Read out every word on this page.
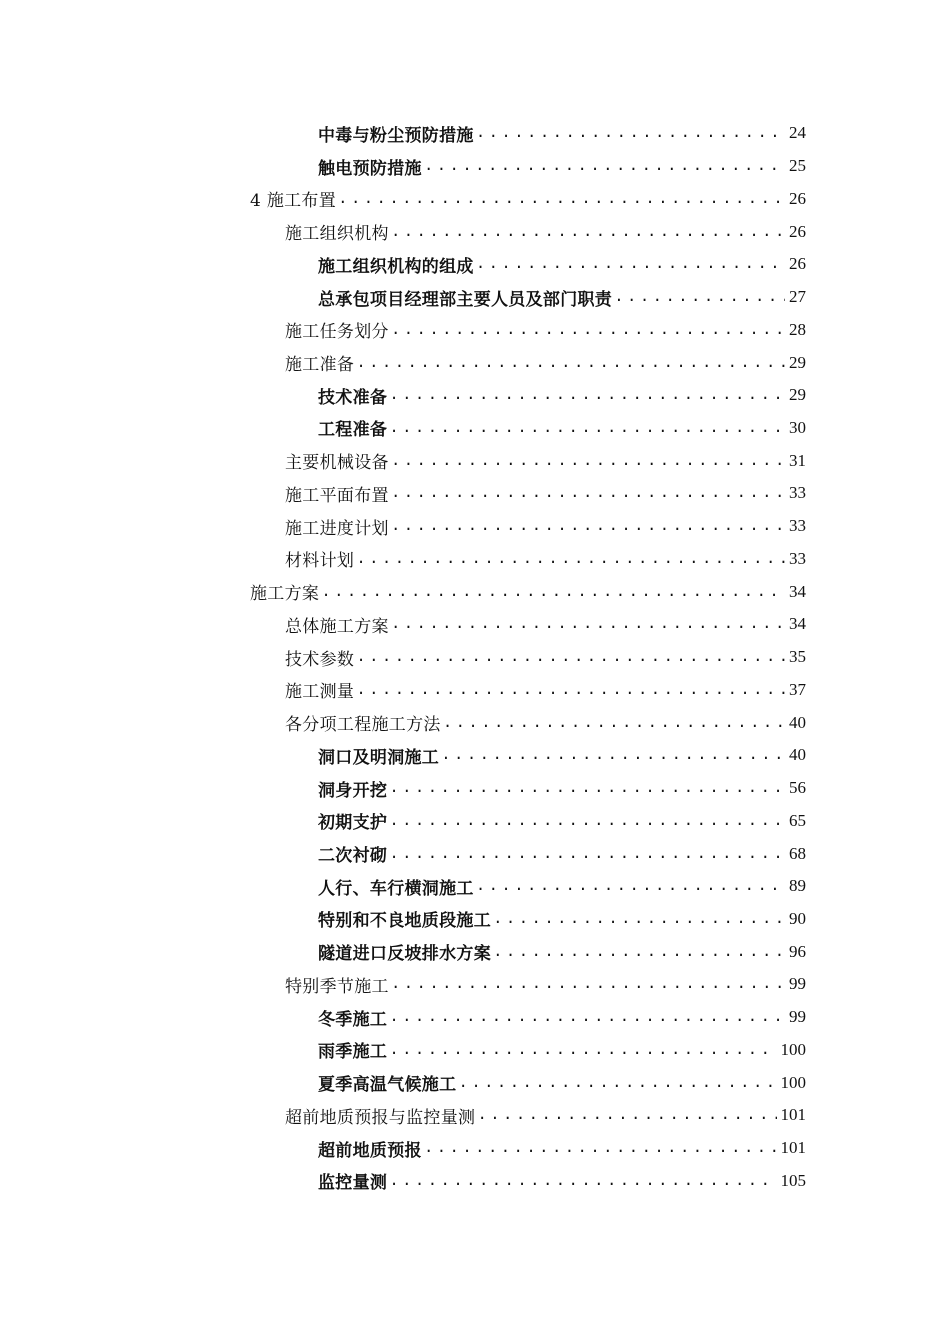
中毒与粉尘预防措施 .....	24
触电预防措施 .....	25
4 施工布置 .....	26
施工组织机构 .....	26
施工组织机构的组成 .....	26
总承包项目经理部主要人员及部门职责 .....	27
施工任务划分 .....	28
施工准备 .....	29
技术准备 .....	29
工程准备 .....	30
主要机械设备 .....	31
施工平面布置 .....	33
施工进度计划 .....	33
材料计划 .....	33
施工方案 .....	34
总体施工方案 .....	34
技术参数 .....	35
施工测量 .....	37
各分项工程施工方法 .....	40
洞口及明洞施工 .....	40
洞身开挖 .....	56
初期支护 .....	65
二次衬砌 .....	68
人行、车行横洞施工 .....	89
特别和不良地质段施工 .....	90
隧道进口反坡排水方案 .....	96
特别季节施工 .....	99
冬季施工 .....	99
雨季施工 .....	100
夏季高温气候施工 .....	100
超前地质预报与监控量测 .....	101
超前地质预报 .....	101
监控量测 .....	105
